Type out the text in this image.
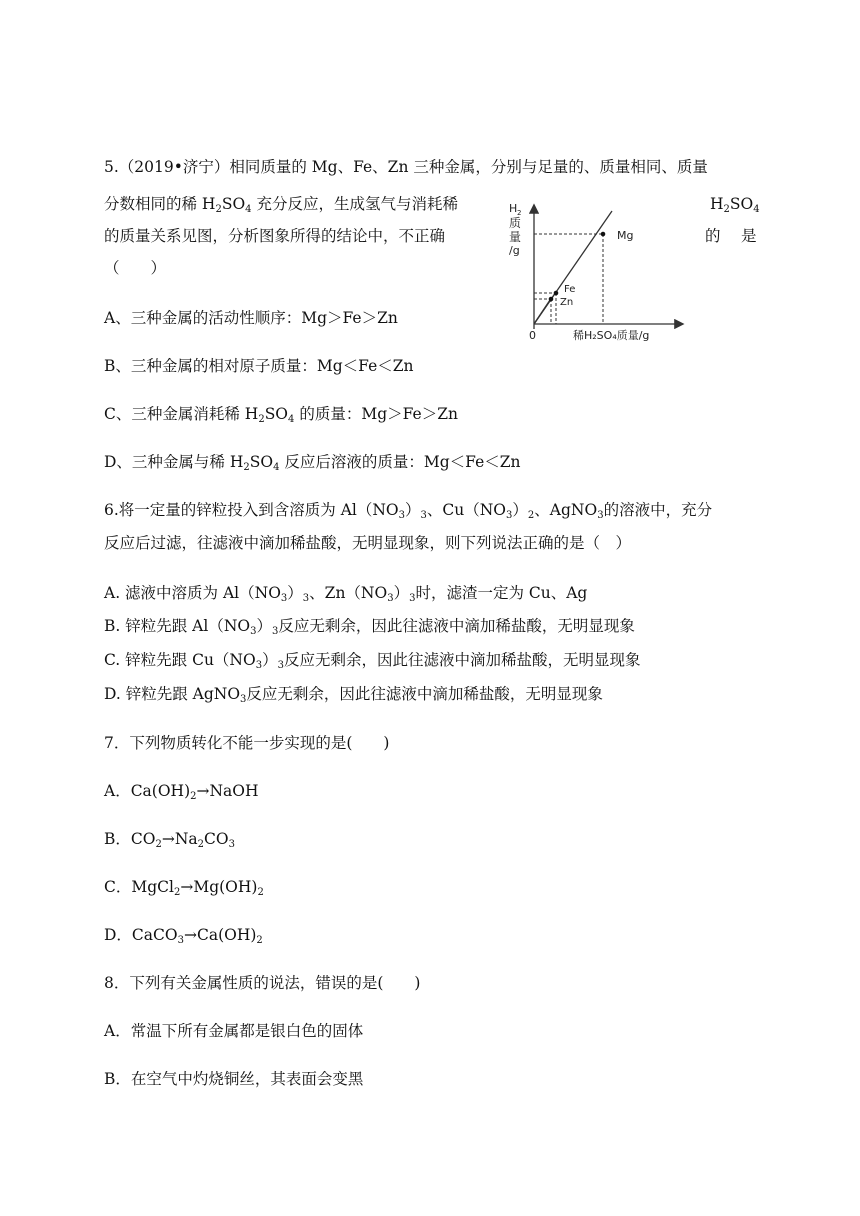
5.（2019•济宁）相同质量的 Mg、Fe、Zn 三种金属，分别与足量的、质量相同、质量
分数相同的稀 $H_2SO_4$ 充分反应，生成氢气与消耗稀	$H_2SO_4$
的质量关系见图，分析图象所得的结论中，不正确	的 是
（　　）
H 2
质
量
/g
Mg
Fe
Zn
0	稀H₂SO₄质量/g
A、三种金属的活动性顺序：Mg＞Fe＞Zn
B、三种金属的相对原子质量：Mg＜Fe＜Zn
C、三种金属消耗稀 $H_2SO_4$ 的质量：Mg＞Fe＞Zn
D、三种金属与稀 $H_2SO_4$ 反应后溶液的质量：Mg＜Fe＜Zn
6.将一定量的锌粒投入到含溶质为 $Al(NO_3)_3$、$Cu(NO_3)_2$、AgNO$_3$的溶液中，充分
反应后过滤，往滤液中滴加稀盐酸，无明显现象，则下列说法正确的是（　）
A. 滤液中溶质为 $Al(NO_3)_3$、$Zn(NO_3)_3$时，滤渣一定为 Cu、Ag
B. 锌粒先跟 $Al(NO_3)_3$反应无剩余，因此往滤液中滴加稀盐酸，无明显现象
C. 锌粒先跟 $Cu(NO_3)_3$反应无剩余，因此往滤液中滴加稀盐酸，无明显现象
D. 锌粒先跟 AgNO$_3$反应无剩余，因此往滤液中滴加稀盐酸，无明显现象
7．下列物质转化不能一步实现的是(　　)
A．$Ca(OH)_2\to NaOH$
B．$CO_2\to Na_2CO_3$
C．$MgCl_2\to Mg(OH)_2$
D．$CaCO_3\to Ca(OH)_2$
8．下列有关金属性质的说法，错误的是(　　)
A．常温下所有金属都是银白色的固体
B．在空气中灼烧铜丝，其表面会变黑
